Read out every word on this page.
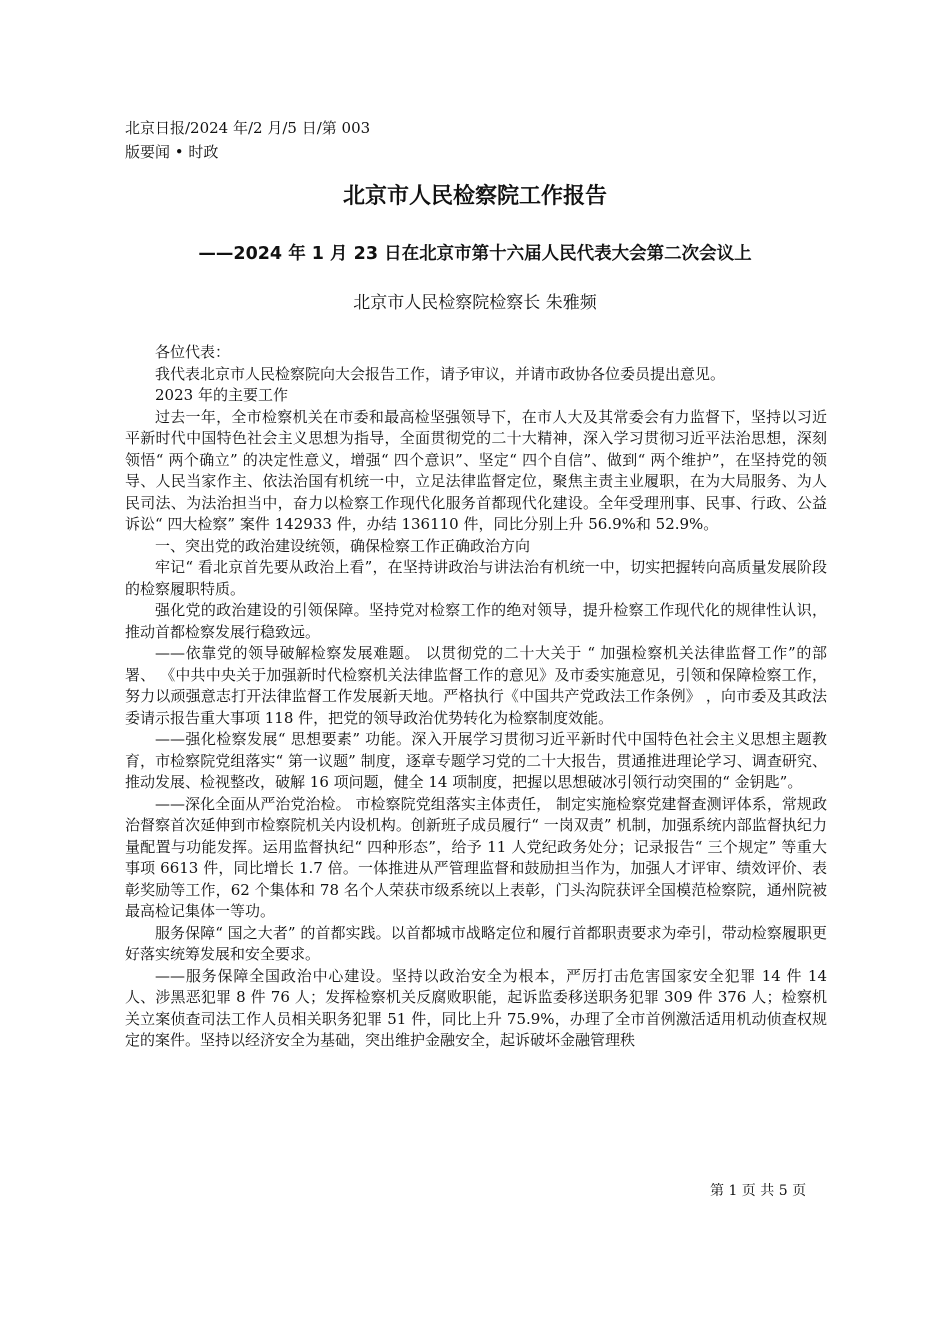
北京日报/2024 年/2 月/5 日/第 003
版要闻 • 时政
北京市人民检察院工作报告
——2024 年 1 月 23 日在北京市第十六届人民代表大会第二次会议上
北京市人民检察院检察长 朱雅频

各位代表：

我代表北京市人民检察院向大会报告工作，请予审议，并请市政协各位委员提出意见。

2023 年的主要工作

过去一年，全市检察机关在市委和最高检坚强领导下，在市人大及其常委会有力监督下，坚持以习近平新时代中国特色社会主义思想为指导，全面贯彻党的二十大精神，深入学习贯彻习近平法治思想，深刻领悟“ 两个确立” 的决定性意义，增强“ 四个意识”、坚定“ 四个自信”、做到“ 两个维护”，在坚持党的领导、人民当家作主、依法治国有机统一中，立足法律监督定位，聚焦主责主业履职，在为大局服务、为人民司法、为法治担当中，奋力以检察工作现代化服务首都现代化建设。全年受理刑事、民事、行政、公益诉讼“ 四大检察” 案件 142933 件，办结 136110 件，同比分别上升 56.9%和 52.9%。

一、突出党的政治建设统领，确保检察工作正确政治方向

牢记“ 看北京首先要从政治上看”，在坚持讲政治与讲法治有机统一中，切实把握转向高质量发展阶段的检察履职特质。

强化党的政治建设的引领保障。坚持党对检察工作的绝对领导，提升检察工作现代化的规律性认识，推动首都检察发展行稳致远。

——依靠党的领导破解检察发展难题。 以贯彻党的二十大关于 “ 加强检察机关法律监督工作”的部署、 《中共中央关于加强新时代检察机关法律监督工作的意见》及市委实施意见，引领和保障检察工作，努力以顽强意志打开法律监督工作发展新天地。严格执行《中国共产党政法工作条例》 ，向市委及其政法委请示报告重大事项 118 件，把党的领导政治优势转化为检察制度效能。

——强化检察发展“ 思想要素” 功能。深入开展学习贯彻习近平新时代中国特色社会主义思想主题教育，市检察院党组落实“ 第一议题” 制度，逐章专题学习党的二十大报告，贯通推进理论学习、调查研究、推动发展、检视整改，破解 16 项问题，健全 14 项制度，把握以思想破冰引领行动突围的“ 金钥匙”。

——深化全面从严治党治检。 市检察院党组落实主体责任， 制定实施检察党建督查测评体系，常规政治督察首次延伸到市检察院机关内设机构。创新班子成员履行“ 一岗双责” 机制，加强系统内部监督执纪力量配置与功能发挥。运用监督执纪“ 四种形态”，给予 11 人党纪政务处分；记录报告“ 三个规定” 等重大事项 6613 件，同比增长 1.7 倍。一体推进从严管理监督和鼓励担当作为，加强人才评审、绩效评价、表彰奖励等工作，62 个集体和 78 名个人荣获市级系统以上表彰，门头沟院获评全国模范检察院，通州院被最高检记集体一等功。

服务保障“ 国之大者” 的首都实践。以首都城市战略定位和履行首都职责要求为牵引，带动检察履职更好落实统筹发展和安全要求。

——服务保障全国政治中心建设。坚持以政治安全为根本，严厉打击危害国家安全犯罪 14 件 14 人、涉黑恶犯罪 8 件 76 人；发挥检察机关反腐败职能，起诉监委移送职务犯罪 309 件 376 人；检察机关立案侦查司法工作人员相关职务犯罪 51 件，同比上升 75.9%，办理了全市首例激活适用机动侦查权规定的案件。坚持以经济安全为基础，突出维护金融安全，起诉破坏金融管理秩

第 1 页 共 5 页
